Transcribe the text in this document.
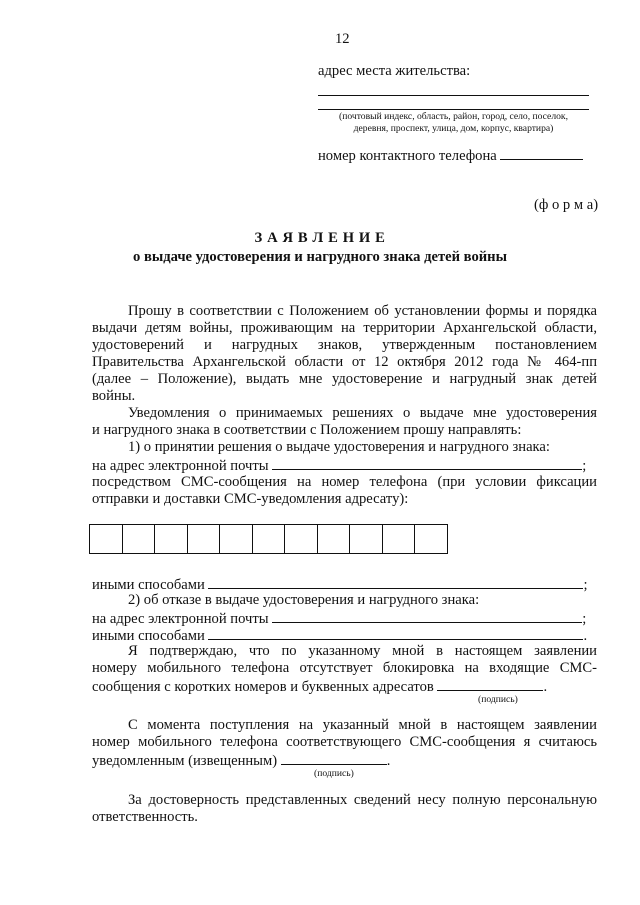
12
адрес места жительства:
(почтовый индекс, область, район, город, село, поселок,
деревня, проспект, улица, дом, корпус, квартира)
номер контактного телефона
(ф о р м а)
З А Я В Л Е Н И Е
о выдаче удостоверения и нагрудного знака детей войны
Прошу в соответствии с Положением об установлении формы и порядка
выдачи детям войны, проживающим на территории Архангельской области,
удостоверений и нагрудных знаков, утвержденным постановлением
Правительства Архангельской области от 12 октября 2012 года № 464-пп
(далее – Положение), выдать мне удостоверение и нагрудный знак детей
войны.
Уведомления о принимаемых решениях о выдаче мне удостоверения
и нагрудного знака в соответствии с Положением прошу направлять:
1) о принятии решения о выдаче удостоверения и нагрудного знака:
на адрес электронной почты	;
посредством СМС-сообщения на номер телефона (при условии фиксации
отправки и доставки СМС-уведомления адресату):
иными способами	;
2) об отказе в выдаче удостоверения и нагрудного знака:
на адрес электронной почты	;
иными способами	.
Я подтверждаю, что по указанному мной в настоящем заявлении
номеру мобильного телефона отсутствует блокировка на входящие СМС-
сообщения с коротких номеров и буквенных адресатов	.
(подпись)
С момента поступления на указанный мной в настоящем заявлении
номер мобильного телефона соответствующего СМС-сообщения я считаюсь
уведомленным (извещенным)	.
(подпись)
За достоверность представленных сведений несу полную персональную
ответственность.
